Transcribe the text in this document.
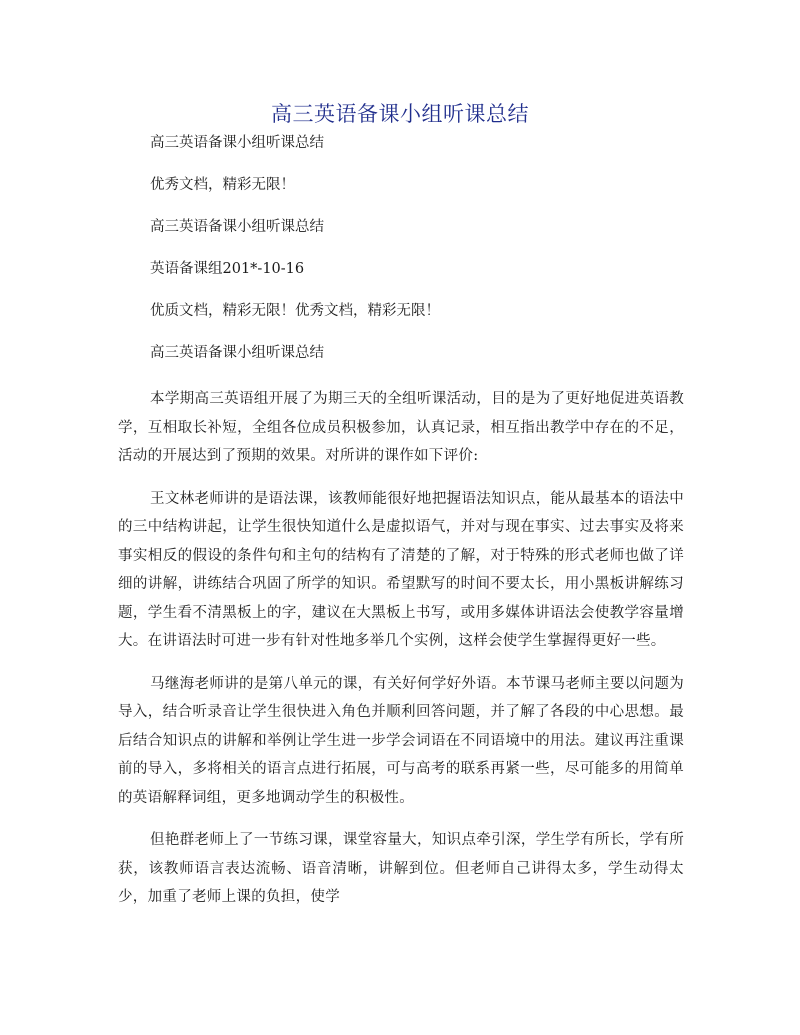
高三英语备课小组听课总结

高三英语备课小组听课总结

优秀文档，精彩无限！

高三英语备课小组听课总结

英语备课组201*-10-16

优质文档，精彩无限！优秀文档，精彩无限！

高三英语备课小组听课总结

本学期高三英语组开展了为期三天的全组听课活动，目的是为了更好地促进英语教学，互相取长补短，全组各位成员积极参加，认真记录，相互指出教学中存在的不足，活动的开展达到了预期的效果。对所讲的课作如下评价:

王文林老师讲的是语法课，该教师能很好地把握语法知识点，能从最基本的语法中的三中结构讲起，让学生很快知道什么是虚拟语气，并对与现在事实、过去事实及将来事实相反的假设的条件句和主句的结构有了清楚的了解，对于特殊的形式老师也做了详细的讲解，讲练结合巩固了所学的知识。希望默写的时间不要太长，用小黑板讲解练习题，学生看不清黑板上的字，建议在大黑板上书写，或用多媒体讲语法会使教学容量增大。在讲语法时可进一步有针对性地多举几个实例，这样会使学生掌握得更好一些。

马继海老师讲的是第八单元的课，有关好何学好外语。本节课马老师主要以问题为导入，结合听录音让学生很快进入角色并顺利回答问题，并了解了各段的中心思想。最后结合知识点的讲解和举例让学生进一步学会词语在不同语境中的用法。建议再注重课前的导入，多将相关的语言点进行拓展，可与高考的联系再紧一些，尽可能多的用简单的英语解释词组，更多地调动学生的积极性。

但艳群老师上了一节练习课，课堂容量大，知识点牵引深，学生学有所长，学有所获，该教师语言表达流畅、语音清晰，讲解到位。但老师自己讲得太多，学生动得太少，加重了老师上课的负担，使学
